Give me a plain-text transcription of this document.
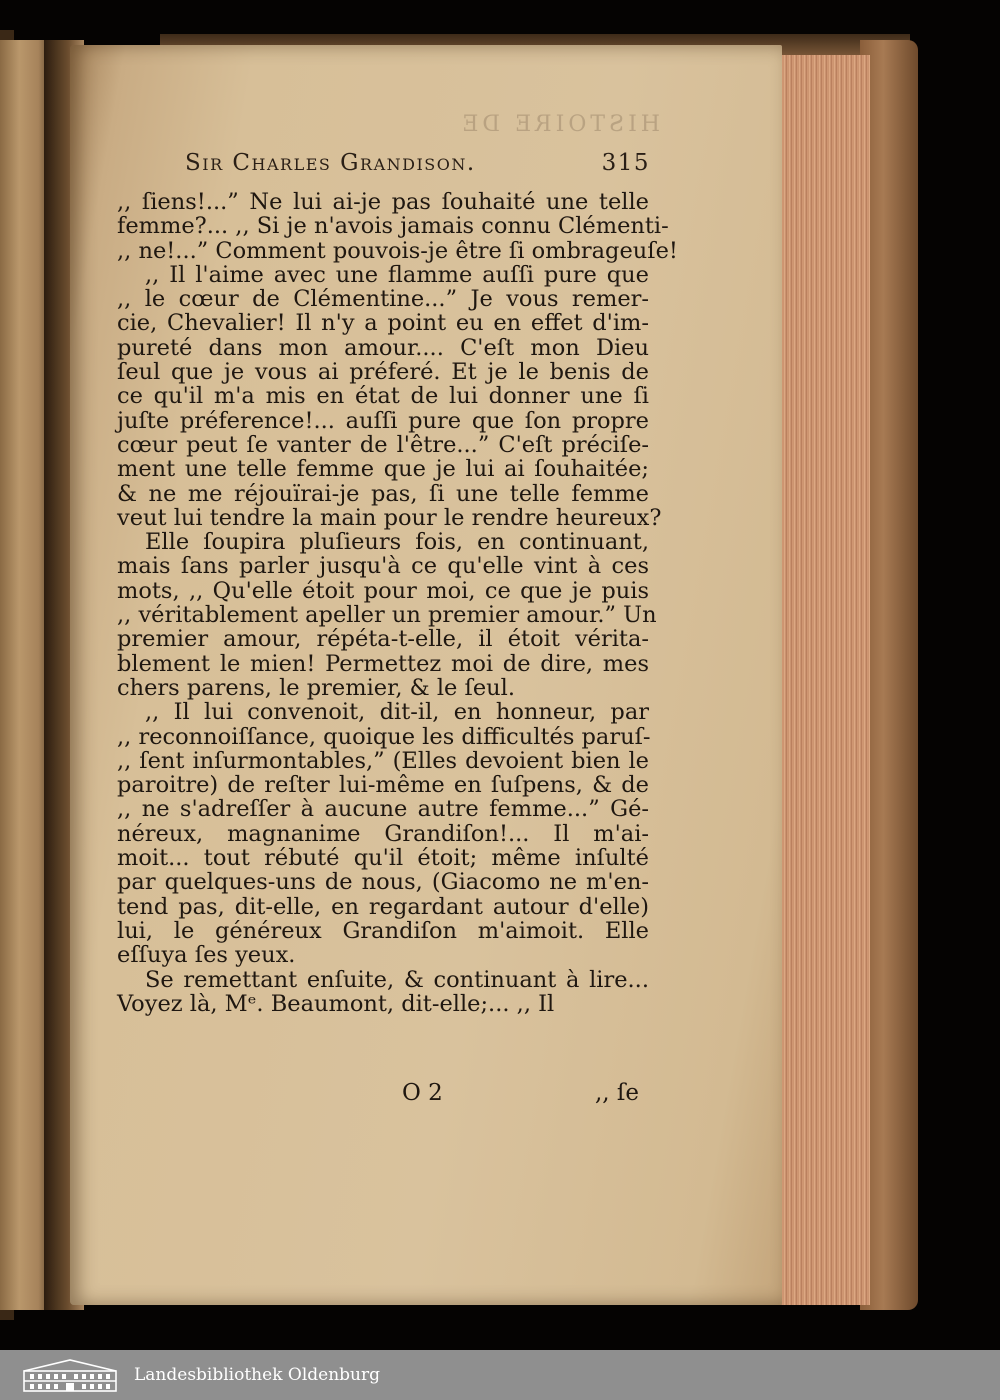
HISTOIRE DE
Sir Charles Grandison.	315
,, ſiens!...” Ne lui ai-je pas ſouhaité une telle
femme?... ,, Si je n'avois jamais connu Clémenti-
,, ne!...” Comment pouvois-je être ſi ombrageuſe!
,, Il l'aime avec une flamme auſſi pure que
,, le cœur de Clémentine...” Je vous remer-
cie, Chevalier! Il n'y a point eu en effet d'im-
pureté dans mon amour.... C'eſt mon Dieu
ſeul que je vous ai préferé. Et je le benis de
ce qu'il m'a mis en état de lui donner une ſi
juſte préference!... auſſi pure que ſon propre
cœur peut ſe vanter de l'être...” C'eſt préciſe-
ment une telle femme que je lui ai ſouhaitée;
& ne me réjouïrai-je pas, ſi une telle femme
veut lui tendre la main pour le rendre heureux?
Elle ſoupira pluſieurs fois, en continuant,
mais ſans parler jusqu'à ce qu'elle vint à ces
mots, ,, Qu'elle étoit pour moi, ce que je puis
,, véritablement apeller un premier amour.” Un
premier amour, répéta-t-elle, il étoit vérita-
blement le mien! Permettez moi de dire, mes
chers parens, le premier, & le ſeul.
,, Il lui convenoit, dit-il, en honneur, par
,, reconnoiſſance, quoique les difficultés paruſ-
,, ſent inſurmontables,” (Elles devoient bien le
paroitre) de reſter lui-même en ſuſpens, & de
,, ne s'adreſſer à aucune autre femme...” Gé-
néreux, magnanime Grandiſon!... Il m'ai-
moit... tout rébuté qu'il étoit; même inſulté
par quelques-uns de nous, (Giacomo ne m'en-
tend pas, dit-elle, en regardant autour d'elle)
lui, le généreux Grandiſon m'aimoit. Elle
eſſuya ſes yeux.
Se remettant enſuite, & continuant à lire...
Voyez là, Mᵉ. Beaumont, dit-elle;... ,, Il
O 2	,, ſe
Landesbibliothek Oldenburg
